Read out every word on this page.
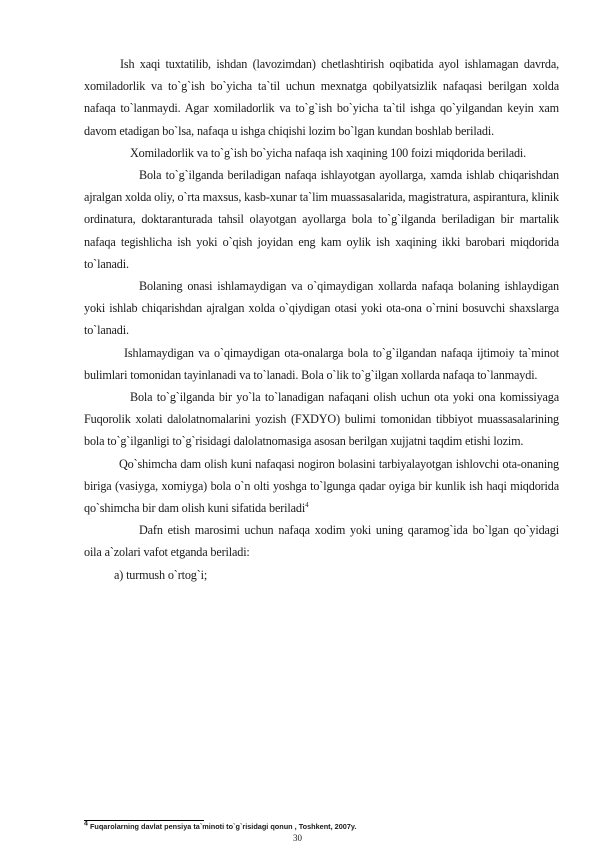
Ish xaqi tuxtatilib, ishdan (lavozimdan) chetlashtirish oqibatida ayol ishlamagan davrda, xomiladorlik va to`g`ish bo`yicha ta`til uchun mexnatga qobilyatsizlik nafaqasi berilgan xolda nafaqa to`lanmaydi. Agar xomiladorlik va to`g`ish bo`yicha ta`til ishga qo`yilgandan keyin xam davom etadigan bo`lsa, nafaqa u ishga chiqishi lozim bo`lgan kundan boshlab beriladi.

Xomiladorlik va to`g`ish bo`yicha nafaqa ish xaqining 100 foizi miqdorida beriladi.

Bola to`g`ilganda beriladigan nafaqa ishlayotgan ayollarga, xamda ishlab chiqarishdan ajralgan xolda oliy, o`rta maxsus, kasb-xunar ta`lim muassasalarida, magistratura, aspirantura, klinik ordinatura, doktaranturada tahsil olayotgan ayollarga bola to`g`ilganda beriladigan bir martalik nafaqa tegishlicha ish yoki o`qish joyidan eng kam oylik ish xaqining ikki barobari miqdorida to`lanadi.

Bolaning onasi ishlamaydigan va o`qimaydigan xollarda nafaqa bolaning ishlaydigan yoki ishlab chiqarishdan ajralgan xolda o`qiydigan otasi yoki ota-ona o`rnini bosuvchi shaxslarga to`lanadi.

Ishlamaydigan va o`qimaydigan ota-onalarga bola to`g`ilgandan nafaqa ijtimoiy ta`minot bulimlari tomonidan tayinlanadi va to`lanadi. Bola o`lik to`g`ilgan xollarda nafaqa to`lanmaydi.

Bola to`g`ilganda bir yo`la to`lanadigan nafaqani olish uchun ota yoki ona komissiyaga Fuqorolik xolati dalolatnomalarini yozish (FXDYO) bulimi tomonidan tibbiyot muassasalarining bola to`g`ilganligi to`g`risidagi dalolatnomasiga asosan berilgan xujjatni taqdim etishi lozim.

Qo`shimcha dam olish kuni nafaqasi nogiron bolasini tarbiyalayotgan ishlovchi ota-onaning biriga (vasiyga, xomiyga) bola o`n olti yoshga to`lgunga qadar oyiga bir kunlik ish haqi miqdorida qo`shimcha bir dam olish kuni sifatida beriladi$^4$

Dafn etish marosimi uchun nafaqa xodim yoki uning qaramog`ida bo`lgan qo`yidagi oila a`zolari vafot etganda beriladi:

a) turmush o`rtog`i;

$^4$ Fuqarolarning davlat pensiya ta`minoti to`g`risidagi qonun , Toshkent, 2007y.
30
